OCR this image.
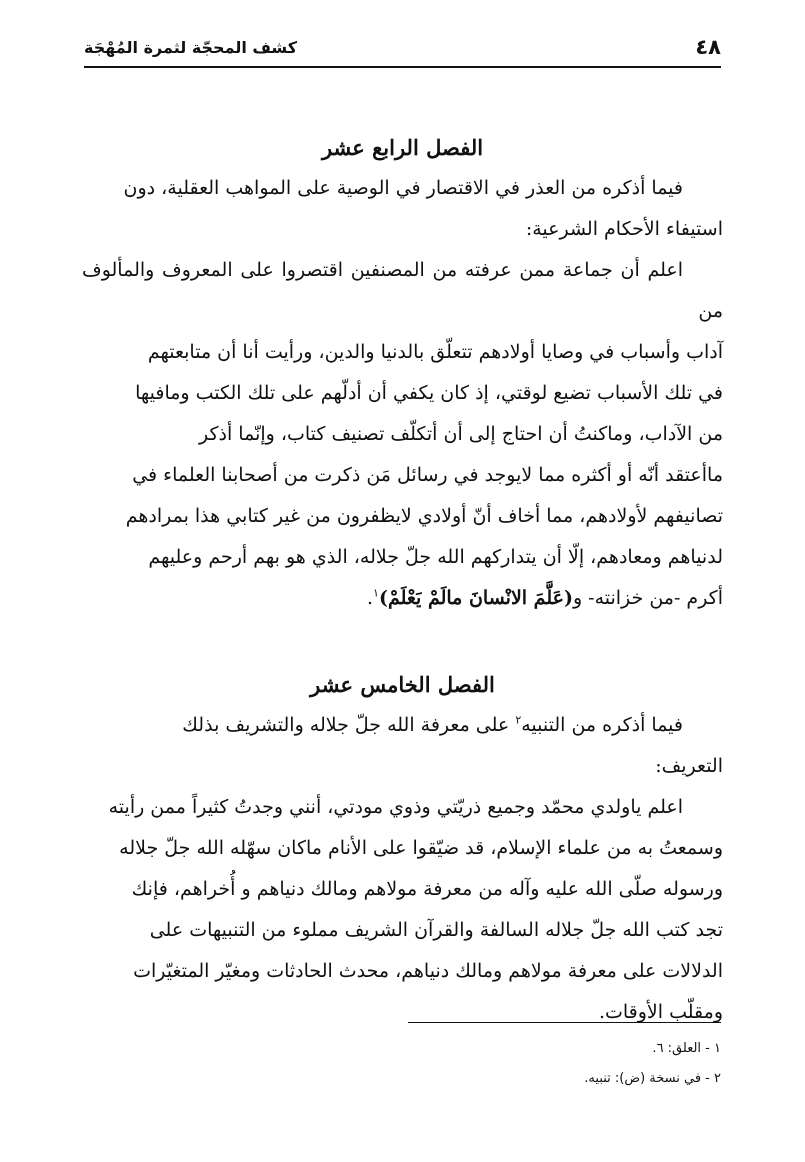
٤٨
كشف المحجّة لثمرة المُهْجَة
الفصل الرابع عشر

فيما أذكره من العذر في الاقتصار في الوصية على المواهب العقلية، دون

استيفاء الأحكام الشرعية:

اعلم أن جماعة ممن عرفته من المصنفين اقتصروا على المعروف والمألوف من

آداب وأسباب في وصايا أولادهم تتعلّق بالدنيا والدين، ورأيت أنا أن متابعتهم

في تلك الأسباب تضيع لوقتي، إذ كان يكفي أن أدلّهم على تلك الكتب ومافيها

من الآداب، وماكنتُ أن احتاج إلى أن أتكلّف تصنيف كتاب، وإنّما أذكر

ماأعتقد أنّه أو أكثره مما لايوجد في رسائل مَن ذكرت من أصحابنا العلماء في

تصانيفهم لأولادهم، مما أخاف أنّ أولادي لايظفرون من غير كتابي هذا بمرادهم

لدنياهم ومعادهم، إلّا أن يتداركهم الله جلّ جلاله، الذي هو بهم أرحم وعليهم

أكرم -من خزانته- و(عَلَّمَ الانْسانَ مالَمْ يَعْلَمْ)$^١$.

الفصل الخامس عشر

فيما أذكره من التنبيه$^٢$ على معرفة الله جلّ جلاله والتشريف بذلك

التعريف:

اعلم ياولدي محمّد وجميع ذريّتي وذوي مودتي، أنني وجدتُ كثيراً ممن رأيته

وسمعتُ به من علماء الإسلام، قد ضيّقوا على الأنام ماكان سهّله الله جلّ جلاله

ورسوله صلّى الله عليه وآله من معرفة مولاهم ومالك دنياهم و أُخراهم، فإنك

تجد كتب الله جلّ جلاله السالفة والقرآن الشريف مملوء من التنبيهات على

الدلالات على معرفة مولاهم ومالك دنياهم، محدث الحادثات ومغيّر المتغيّرات

ومقلّب الأوقات.

١ - العلق: ٦.

٢ - في نسخة (ض): تنبيه.
